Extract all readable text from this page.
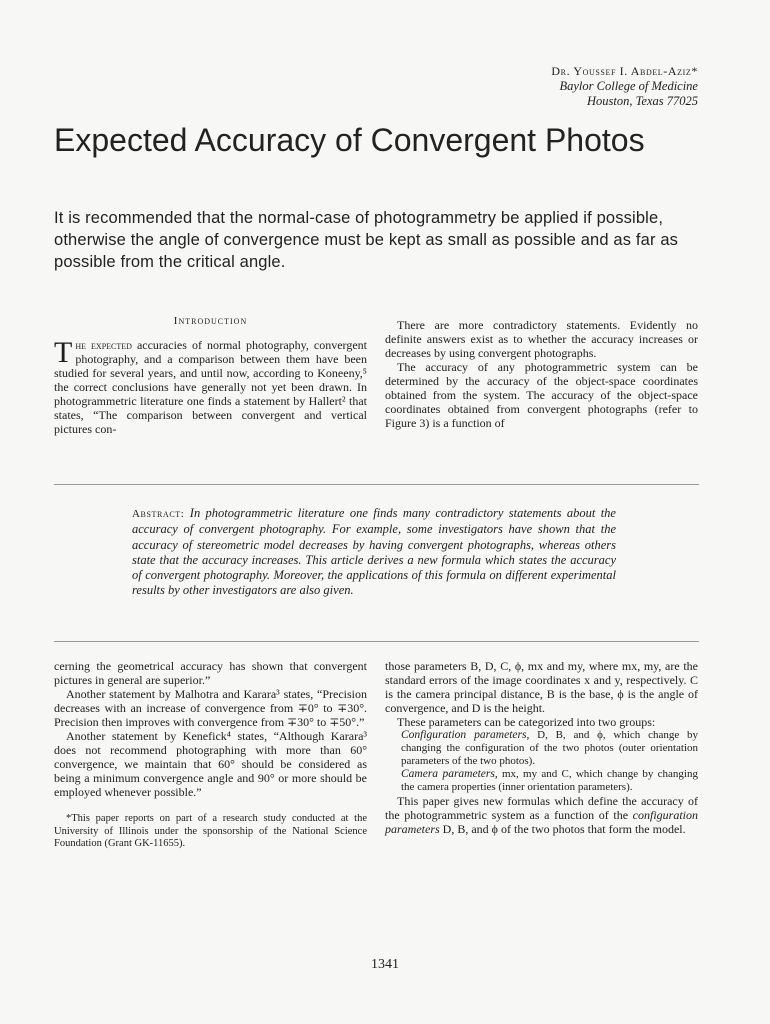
Dr. Youssef I. Abdel-Aziz*
Baylor College of Medicine
Houston, Texas 77025
Expected Accuracy of Convergent Photos

It is recommended that the normal-case of photogrammetry be applied if possible, otherwise the angle of convergence must be kept as small as possible and as far as possible from the critical angle.

Introduction

The expected accuracies of normal photography, convergent photography, and a comparison between them have been studied for several years, and until now, according to Koneeny,⁵ the correct conclusions have generally not yet been drawn. In photogrammetric literature one finds a statement by Hallert² that states, “The comparison between convergent and vertical pictures con-

There are more contradictory statements. Evidently no definite answers exist as to whether the accuracy increases or decreases by using convergent photographs.

The accuracy of any photogrammetric system can be determined by the accuracy of the object-space coordinates obtained from the system. The accuracy of the object-space coordinates obtained from convergent photographs (refer to Figure 3) is a function of

Abstract: In photogrammetric literature one finds many contradictory statements about the accuracy of convergent photography. For example, some investigators have shown that the accuracy of stereometric model decreases by having convergent photographs, whereas others state that the accuracy increases. This article derives a new formula which states the accuracy of convergent photography. Moreover, the applications of this formula on different experimental results by other investigators are also given.

cerning the geometrical accuracy has shown that convergent pictures in general are superior.”

Another statement by Malhotra and Karara³ states, “Precision decreases with an increase of convergence from ∓0° to ∓30°. Precision then improves with convergence from ∓30° to ∓50°.”

Another statement by Kenefick⁴ states, “Although Karara³ does not recommend photographing with more than 60° convergence, we maintain that 60° should be considered as being a minimum convergence angle and 90° or more should be employed whenever possible.”

*This paper reports on part of a research study conducted at the University of Illinois under the sponsorship of the National Science Foundation (Grant GK-11655).

those parameters B, D, C, ϕ, mx and my, where mx, my, are the standard errors of the image coordinates x and y, respectively. C is the camera principal distance, B is the base, ϕ is the angle of convergence, and D is the height.

These parameters can be categorized into two groups:

Configuration parameters, D, B, and ϕ, which change by changing the configuration of the two photos (outer orientation parameters of the two photos).

Camera parameters, mx, my and C, which change by changing the camera properties (inner orientation parameters).

This paper gives new formulas which define the accuracy of the photogrammetric system as a function of the configuration parameters D, B, and ϕ of the two photos that form the model.

1341
